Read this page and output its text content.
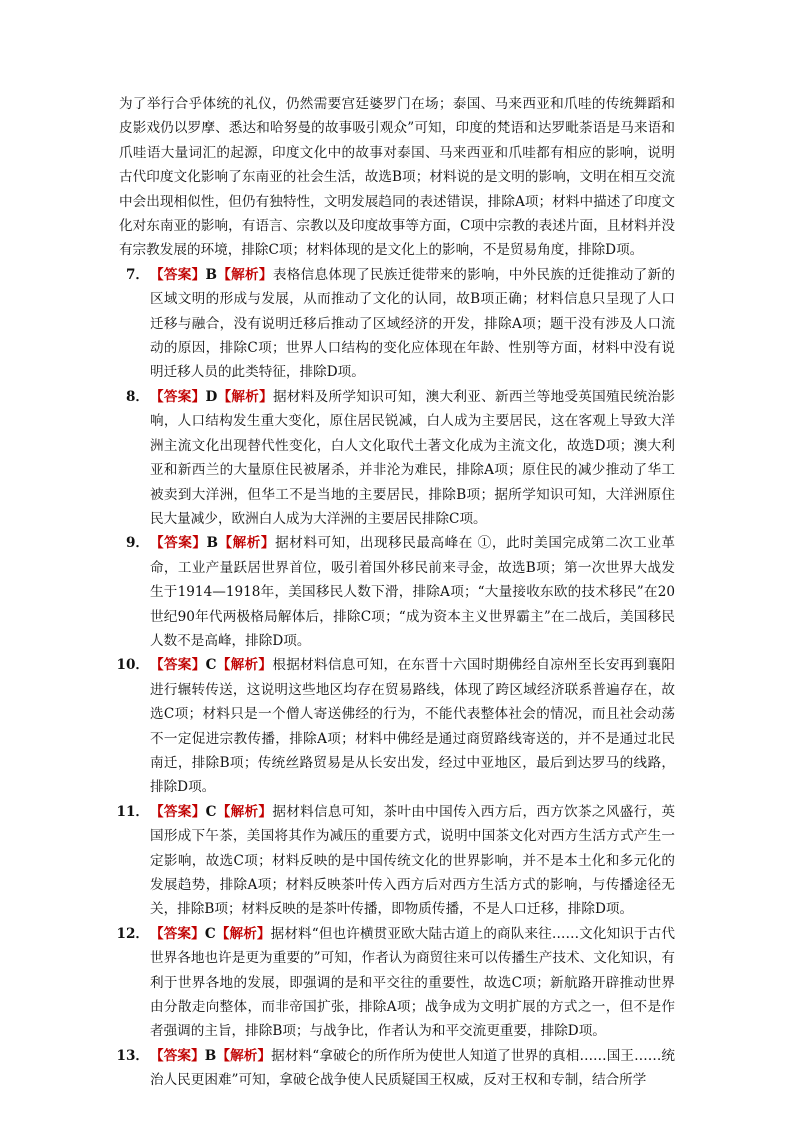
为了举行合乎体统的礼仪，仍然需要宫廷婆罗门在场；泰国、马来西亚和爪哇的传统舞蹈和皮影戏仍以罗摩、悉达和哈努曼的故事吸引观众”可知，印度的梵语和达罗毗荼语是马来语和爪哇语大量词汇的起源，印度文化中的故事对泰国、马来西亚和爪哇都有相应的影响，说明古代印度文化影响了东南亚的社会生活，故选B项；材料说的是文明的影响，文明在相互交流中会出现相似性，但仍有独特性，文明发展趋同的表述错误，排除A项；材料中描述了印度文化对东南亚的影响，有语言、宗教以及印度故事等方面，C项中宗教的表述片面，且材料并没有宗教发展的环境，排除C项；材料体现的是文化上的影响，不是贸易角度，排除D项。

7． 【答案】B【解析】表格信息体现了民族迁徙带来的影响，中外民族的迁徙推动了新的区域文明的形成与发展，从而推动了文化的认同，故B项正确；材料信息只呈现了人口迁移与融合，没有说明迁移后推动了区域经济的开发，排除A项；题干没有涉及人口流动的原因，排除C项；世界人口结构的变化应体现在年龄、性别等方面，材料中没有说明迁移人员的此类特征，排除D项。
8． 【答案】D【解析】据材料及所学知识可知，澳大利亚、新西兰等地受英国殖民统治影响，人口结构发生重大变化，原住居民锐减，白人成为主要居民，这在客观上导致大洋洲主流文化出现替代性变化，白人文化取代土著文化成为主流文化，故选D项；澳大利亚和新西兰的大量原住民被屠杀，并非沦为难民，排除A项；原住民的减少推动了华工被卖到大洋洲，但华工不是当地的主要居民，排除B项；据所学知识可知，大洋洲原住民大量减少，欧洲白人成为大洋洲的主要居民排除C项。
9． 【答案】B【解析】据材料可知，出现移民最高峰在 ①，此时美国完成第二次工业革命，工业产量跃居世界首位，吸引着国外移民前来寻金，故选B项；第一次世界大战发生于1914—1918年，美国移民人数下滑，排除A项；“大量接收东欧的技术移民”在20世纪90年代两极格局解体后，排除C项；“成为资本主义世界霸主”在二战后，美国移民人数不是高峰，排除D项。
10． 【答案】C【解析】根据材料信息可知，在东晋十六国时期佛经自凉州至长安再到襄阳进行辗转传送，这说明这些地区均存在贸易路线，体现了跨区域经济联系普遍存在，故选C项；材料只是一个僧人寄送佛经的行为，不能代表整体社会的情况，而且社会动荡不一定促进宗教传播，排除A项；材料中佛经是通过商贸路线寄送的，并不是通过北民南迁，排除B项；传统丝路贸易是从长安出发，经过中亚地区，最后到达罗马的线路，排除D项。
11． 【答案】C【解析】据材料信息可知，茶叶由中国传入西方后，西方饮茶之风盛行，英国形成下午茶，美国将其作为减压的重要方式，说明中国茶文化对西方生活方式产生一定影响，故选C项；材料反映的是中国传统文化的世界影响，并不是本土化和多元化的发展趋势，排除A项；材料反映茶叶传入西方后对西方生活方式的影响，与传播途径无关，排除B项；材料反映的是茶叶传播，即物质传播，不是人口迁移，排除D项。
12． 【答案】C【解析】据材料“但也许横贯亚欧大陆古道上的商队来往……文化知识于古代世界各地也许是更为重要的”可知，作者认为商贸往来可以传播生产技术、文化知识，有利于世界各地的发展，即强调的是和平交往的重要性，故选C项；新航路开辟推动世界由分散走向整体，而非帝国扩张，排除A项；战争成为文明扩展的方式之一，但不是作者强调的主旨，排除B项；与战争比，作者认为和平交流更重要，排除D项。
13． 【答案】B【解析】据材料“拿破仑的所作所为使世人知道了世界的真相……国王……统治人民更困难”可知，拿破仑战争使人民质疑国王权威，反对王权和专制，结合所学
